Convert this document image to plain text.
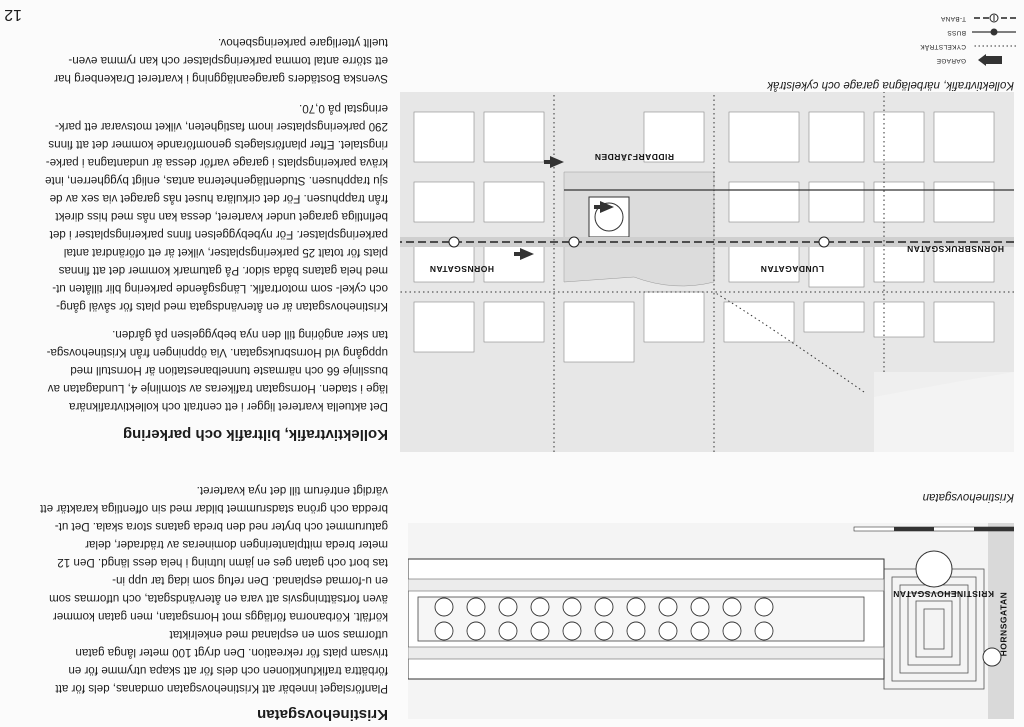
KRISTINEHOVSGATAN HORNSGATAN
Kristinehovsgatan
RIDDARFJÄRDEN
HORNSGATAN	LUNDAGATAN
HORNSBRUKSGATAN
Kollektivtrafik, närbelägna garage och cykelstråk
GARAGE
CYKELSTRÅK
BUSS
T-BANA
Kristinehovsgatan
Planförslaget innebär att Kristinehovsgatan omdanas, dels för att
förbättra trafikfunktionen och dels för att skapa utrymme för en
trivsam plats för rekreation. Den drygt 100 meter långa gatan
utformas som en esplanad med enkelriktat
körfält. Körbanorna förläggs mot Hornsgatan, men gatan kommer
även fortsättningsvis att vara en återvändsgata, och utformas som
en u-formad esplanad. Den refug som idag tar upp in-
tas bort och gatan ges en jämn lutning i hela dess längd. Den 12
meter breda mittplanteringen domineras av trädrader, delar
gaturummet och bryter ned den breda gatans stora skala. Det ut-
bredda och gröna stadsrummet bildar med sin offentliga karaktär ett
värdigt entrérum till det nya kvarteret.
Kollektivtrafik, biltrafik och parkering
Det aktuella kvarteret ligger i ett centralt och kollektivtrafiknära
läge i staden. Hornsgatan trafikeras av stomlinje 4, Lundagatan av
busslinje 66 och närmaste tunnelbanestation är Hornstull med
uppgång vid Hornsbruksgatan. Via öppningen från Kristinehovsga-
tan sker angöring till den nya bebyggelsen på gården.
Kristinehovsgatan är en återvändsgata med plats för såväl gång-
och cykel- som motortrafik. Längsgående parkering blir tillåten ut-
med hela gatans båda sidor. På gatumark kommer det att finnas
plats för totalt 25 parkeringsplatser, vilket är ett oförändrat antal
parkeringsplatser. För nybebyggelsen finns parkeringsplatser i det
befintliga garaget under kvarteret, dessa kan nås med hiss direkt
från trapphusen. För det cirkulära huset nås garaget via sex av de
sju trapphusen. Studentlägenheterna antas, enligt byggherren, inte
kräva parkeringsplats i garage varför dessa är undantagna i parke-
ringstalet. Efter planförslagets genomförande kommer det att finns
290 parkeringsplatser inom fastigheten, vilket motsvarar ett park-
eringstal på 0,70.
Svenska Bostäders garageanläggning i kvarteret Drakenberg har
ett större antal tomma parkeringsplatser och kan rymma even-
tuellt ytterligare parkeringsbehov.
12
